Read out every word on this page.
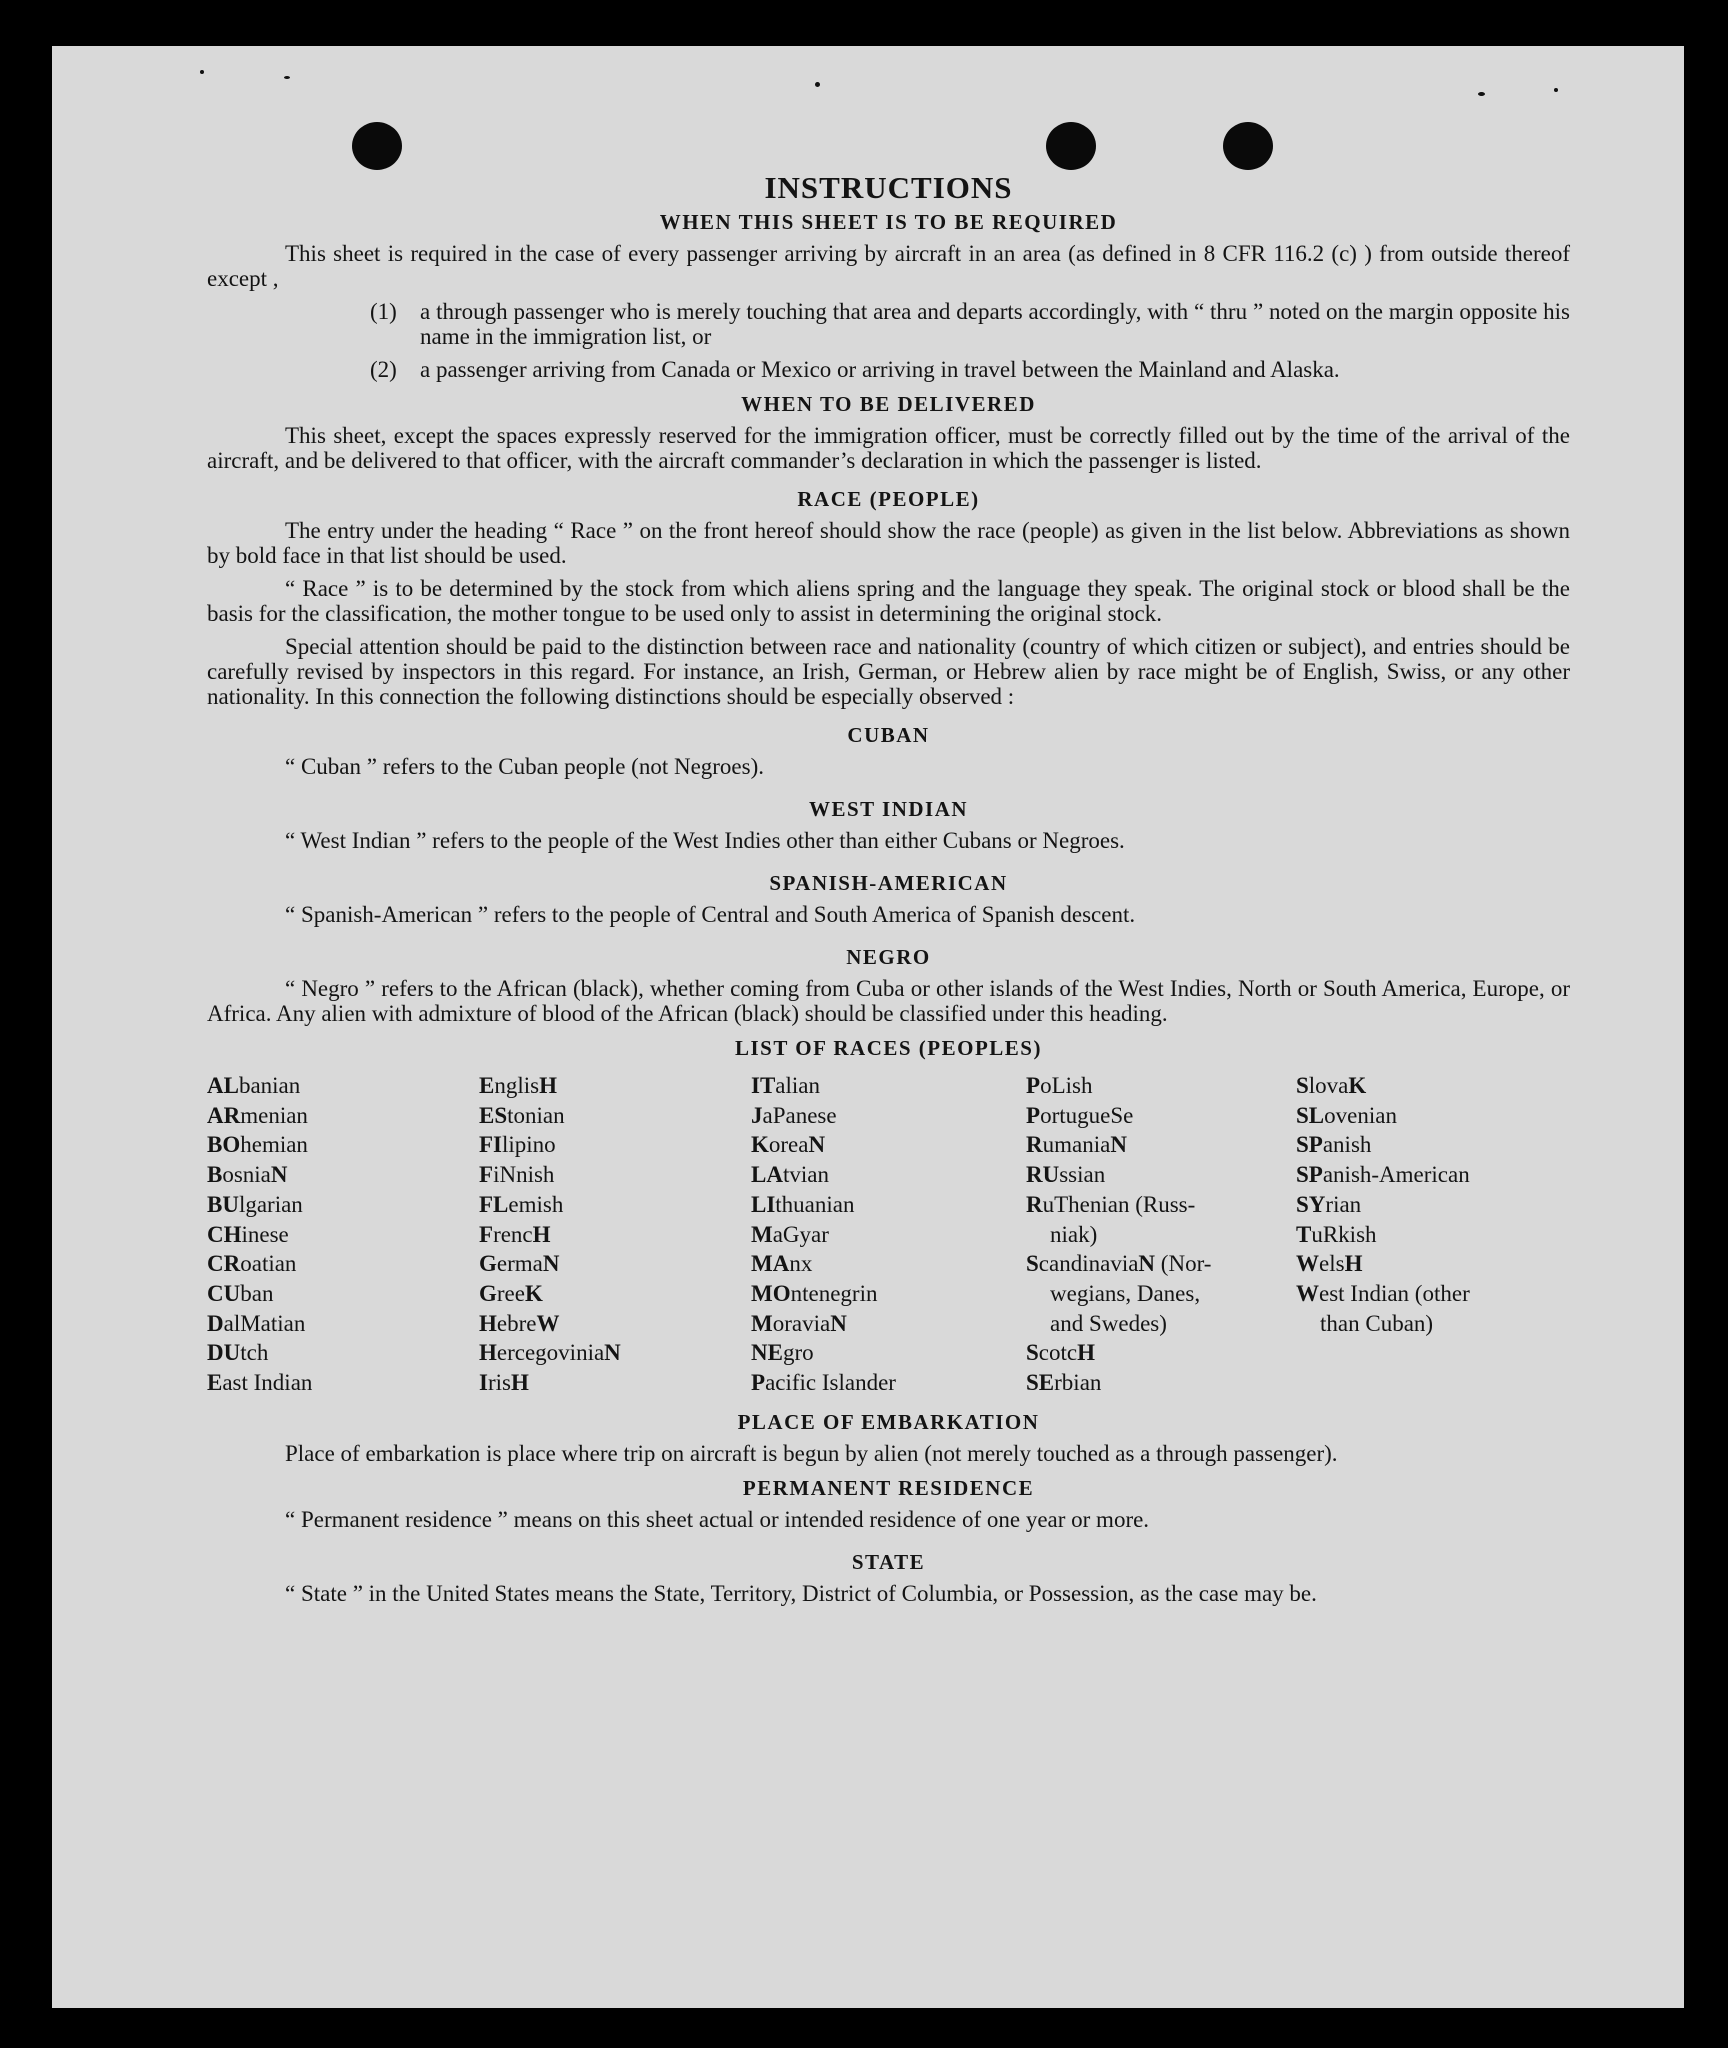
INSTRUCTIONS
WHEN THIS SHEET IS TO BE REQUIRED

This sheet is required in the case of every passenger arriving by aircraft in an area (as defined in 8 CFR 116.2 (c) ) from outside thereof except ,

(1)	a through passenger who is merely touching that area and departs accordingly, with “ thru ” noted on the margin opposite his name in the immigration list, or
(2)	a passenger arriving from Canada or Mexico or arriving in travel between the Mainland and Alaska.
WHEN TO BE DELIVERED

This sheet, except the spaces expressly reserved for the immigration officer, must be correctly filled out by the time of the arrival of the aircraft, and be delivered to that officer, with the aircraft commander’s declaration in which the passenger is listed.

RACE (PEOPLE)

The entry under the heading “ Race ” on the front hereof should show the race (people) as given in the list below. Abbreviations as shown by bold face in that list should be used.

“ Race ” is to be determined by the stock from which aliens spring and the language they speak. The original stock or blood shall be the basis for the classification, the mother tongue to be used only to assist in determining the original stock.

Special attention should be paid to the distinction between race and nationality (country of which citizen or subject), and entries should be carefully revised by inspectors in this regard. For instance, an Irish, German, or Hebrew alien by race might be of English, Swiss, or any other nationality. In this connection the following distinctions should be especially observed :

CUBAN

“ Cuban ” refers to the Cuban people (not Negroes).

WEST INDIAN

“ West Indian ” refers to the people of the West Indies other than either Cubans or Negroes.

SPANISH-AMERICAN

“ Spanish-American ” refers to the people of Central and South America of Spanish descent.

NEGRO

“ Negro ” refers to the African (black), whether coming from Cuba or other islands of the West Indies, North or South America, Europe, or Africa. Any alien with admixture of blood of the African (black) should be classified under this heading.

LIST OF RACES (PEOPLES)
ALbanian
ARmenian
BOhemian
BosniaN
BUlgarian
CHinese
CRoatian
CUban
DalMatian
DUtch
East Indian
EnglisH
EStonian
FIlipino
FiNnish
FLemish
FrencH
GermaN
GreeK
HebreW
HercegoviniaN
IrisH
ITalian
JaPanese
KoreaN
LAtvian
LIthuanian
MaGyar
MAnx
MOntenegrin
MoraviaN
NEgro
Pacific Islander
PoLish
PortugueSe
RumaniaN
RUssian
RuThenian (Russ-
niak)
ScandinaviaN (Nor-
wegians, Danes,
and Swedes)
ScotcH
SErbian
SlovaK
SLovenian
SPanish
SPanish-American
SYrian
TuRkish
WelsH
West Indian (other
than Cuban)
PLACE OF EMBARKATION

Place of embarkation is place where trip on aircraft is begun by alien (not merely touched as a through passenger).

PERMANENT RESIDENCE

“ Permanent residence ” means on this sheet actual or intended residence of one year or more.

STATE

“ State ” in the United States means the State, Territory, District of Columbia, or Possession, as the case may be.
